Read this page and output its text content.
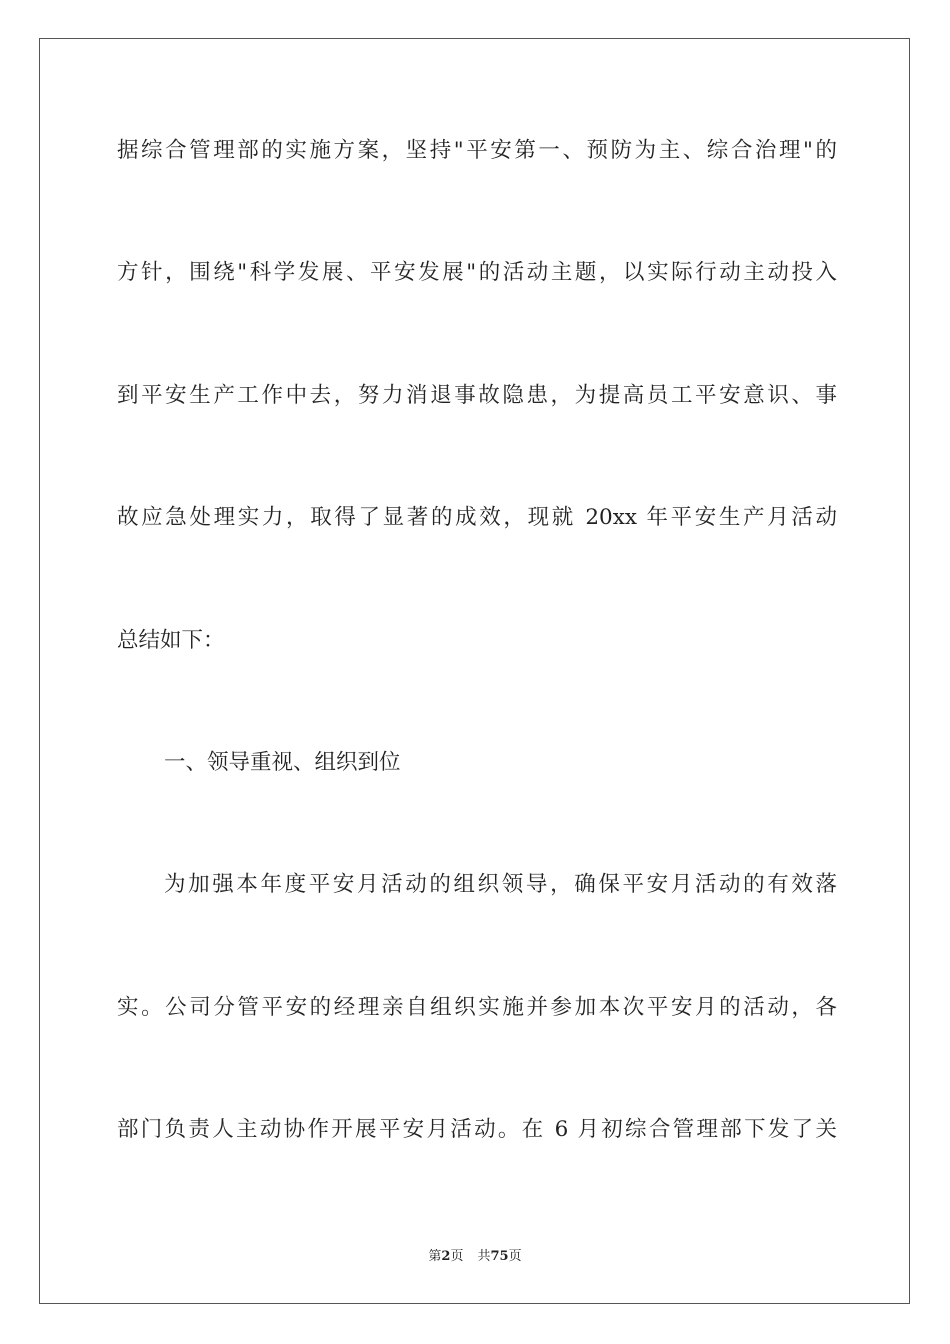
据综合管理部的实施方案，坚持"平安第一、预防为主、综合治理"的
方针，围绕"科学发展、平安发展"的活动主题，以实际行动主动投入
到平安生产工作中去，努力消退事故隐患，为提高员工平安意识、事
故应急处理实力，取得了显著的成效，现就 20xx 年平安生产月活动
总结如下：
一、领导重视、组织到位
为加强本年度平安月活动的组织领导，确保平安月活动的有效落
实。公司分管平安的经理亲自组织实施并参加本次平安月的活动，各
部门负责人主动协作开展平安月活动。在 6 月初综合管理部下发了关
第2页 共75页
